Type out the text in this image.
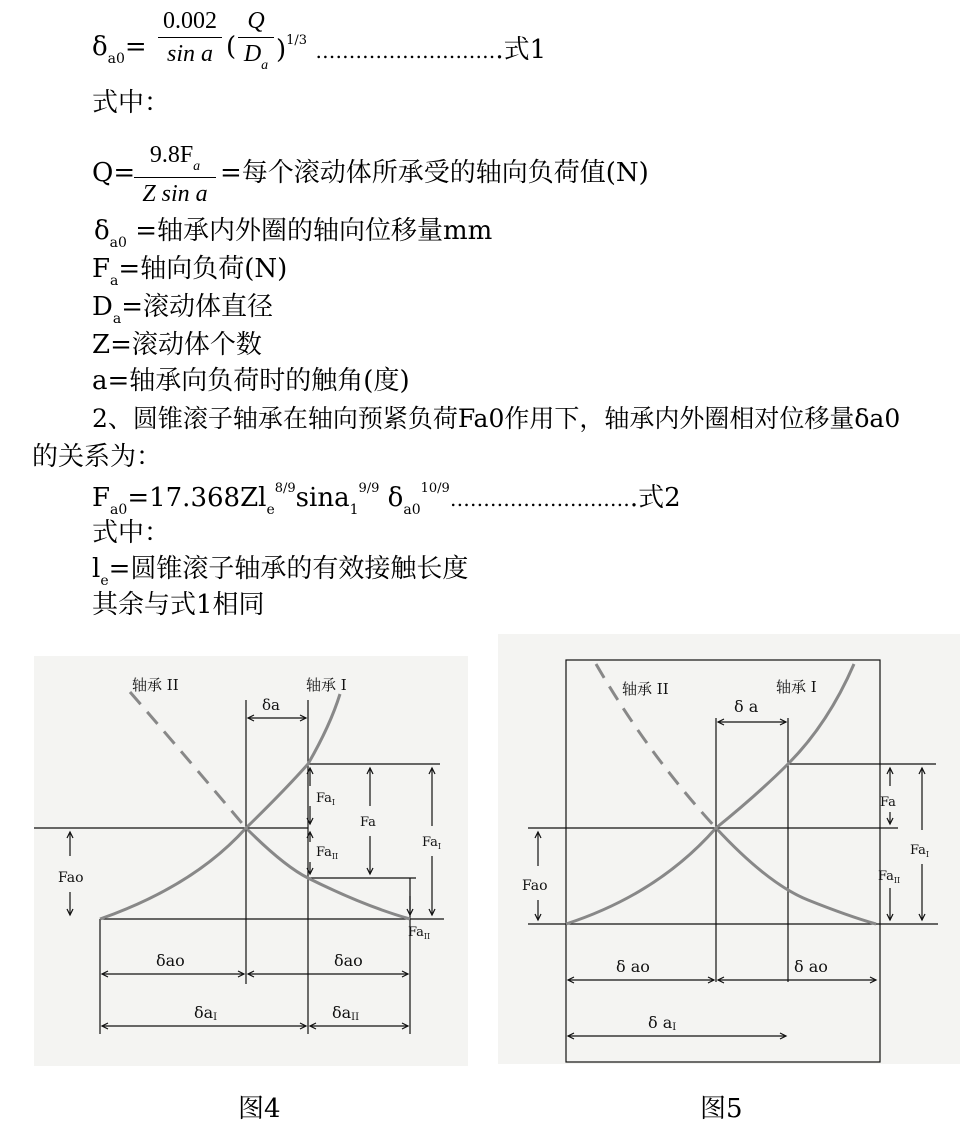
$\delta_{a0}=$
0.002
sin a (
Q
$D_a$
)$^{1/3}$ ……………………….式1
式中：
Q=
$9.8F_a$
Z sin a
=每个滚动体所承受的轴向负荷值(N)
$\delta_{a0}$ =轴承内外圈的轴向位移量mm
$F_a=$轴向负荷(N)
$D_a=$滚动体直径
Z=滚动体个数
a=轴承向负荷时的触角(度)
2、圆锥滚子轴承在轴向预紧负荷Fa0作用下，轴承内外圈相对位移量δa0
的关系为：
$F_{a0}=17.368Zl_e^{8/9}\sin a_1^{9/9}$ $\delta_{a0}^{10/9}\dots\dots\dots\dots\dots\dots\dots\dots\dots$.式2
式中：
$l_e=$圆锥滚子轴承的有效接触长度
其余与式1相同
轴承 II	轴承 I
δa
$Fa_I$
Fa
$Fa_{II}$
$Fa_I$
Fao
$Fa_{II}$
δao	δao
δaI	δaII
轴承 II	轴承 I
δ a
Fa
$Fa_I$
$Fa_{II}$
Fao
δ ao	δ ao
δ aI
图4	图5
